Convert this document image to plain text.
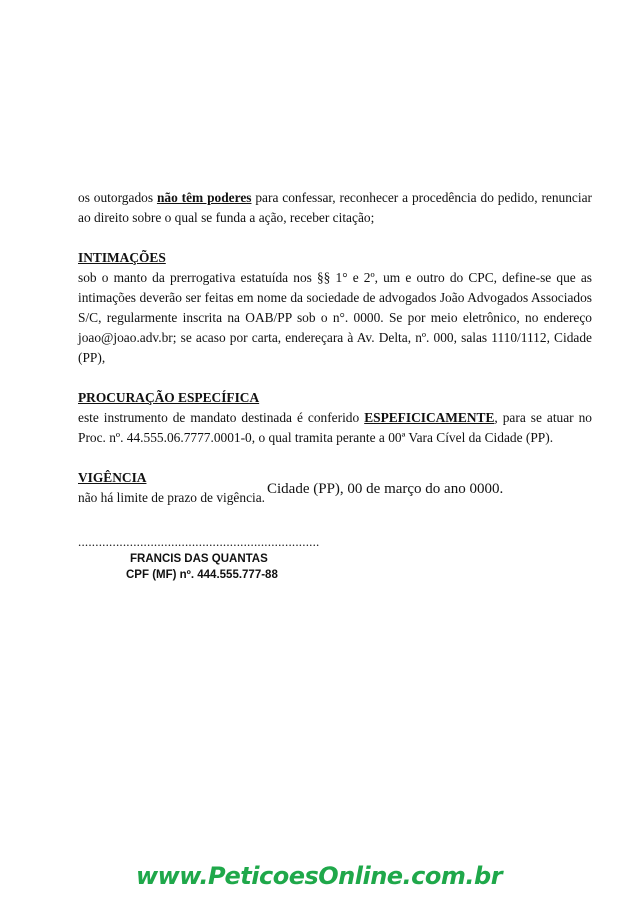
os outorgados não têm poderes para confessar, reconhecer a procedência do pedido, renunciar ao direito sobre o qual se funda a ação, receber citação;

INTIMAÇÕES

sob o manto da prerrogativa estatuída nos §§ 1° e 2º, um e outro do CPC, define-se que as intimações deverão ser feitas em nome da sociedade de advogados João Advogados Associados S/C, regularmente inscrita na OAB/PP sob o n°. 0000. Se por meio eletrônico, no endereço joao@joao.adv.br; se acaso por carta, endereçara à Av. Delta, nº. 000, salas 1110/1112, Cidade (PP),

PROCURAÇÃO ESPECÍFICA

este instrumento de mandato destinada é conferido ESPEFICICAMENTE, para se atuar no Proc. nº. 44.555.06.7777.0001-0, o qual tramita perante a 00ª Vara Cível da Cidade (PP).

VIGÊNCIA

não há limite de prazo de vigência.

Cidade (PP), 00 de março do ano 0000.
......................................................................
FRANCIS DAS QUANTAS
CPF (MF) nº. 444.555.777-88
www.PeticoesOnline.com.br
